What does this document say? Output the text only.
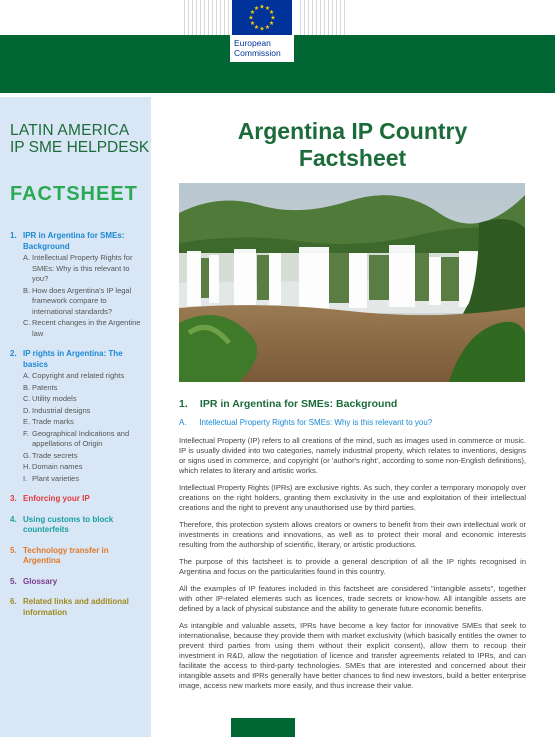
★ ★
★
★
★
★
★
★
★
★
★
★
European
Commission
LATIN AMERICA
IP SME HELPDESK
FACTSHEET
1. IPR in Argentina for SMEs: Background
A. Intellectual Property Rights for SMEs: Why is this relevant to you?
B. How does Argentina's IP legal framework compare to international standards?
C. Recent changes in the Argentine law
2. IP rights in Argentina: The basics
A. Copyright and related rights
B. Patents
C. Utility models
D. Industrial designs
E. Trade marks
F. Geographical Indications and appellations of Origin
G. Trade secrets
H. Domain names
I. Plant varieties
3. Enforcing your IP
4. Using customs to block counterfeits
5. Technology transfer in Argentina
5. Glossary
6. Related links and additional information
Argentina IP Country
Factsheet
1. IPR in Argentina for SMEs: Background
A. Intellectual Property Rights for SMEs: Why is this relevant to you?

Intellectual Property (IP) refers to all creations of the mind, such as images used in commerce or music. IP is usually divided into two categories, namely industrial property, which relates to inventions, designs or signs used in commerce, and copyright (or 'author's right', according to some non-English definitions), which relates to literary and artistic works.

Intellectual Property Rights (IPRs) are exclusive rights. As such, they confer a temporary monopoly over creations on the right holders, granting them exclusivity in the use and exploitation of their intellectual creations and the right to prevent any unauthorised use by third parties.

Therefore, this protection system allows creators or owners to benefit from their own intellectual work or investments in creations and innovations, as well as to protect their moral and economic interests resulting from the authorship of scientific, literary, or artistic productions.

The purpose of this factsheet is to provide a general description of all the IP rights recognised in Argentina and focus on the particularities found in this country.

All the examples of IP features included in this factsheet are considered "intangible assets", together with other IP-related elements such as licences, trade secrets or know-how. All intangible assets are defined by a lack of physical substance and the ability to generate future economic benefits.

As intangible and valuable assets, IPRs have become a key factor for innovative SMEs that seek to internationalise, because they provide them with market exclusivity (which basically entitles the owner to prevent third parties from using them without their explicit consent), allow them to recoup their investment in R&D, allow the negotiation of licence and transfer agreements related to IPRs, and can facilitate the access to third-party technologies. SMEs that are interested and concerned about their intangible assets and IPRs generally have better chances to find new investors, build a better enterprise image, access new markets more easily, and thus increase their value.
